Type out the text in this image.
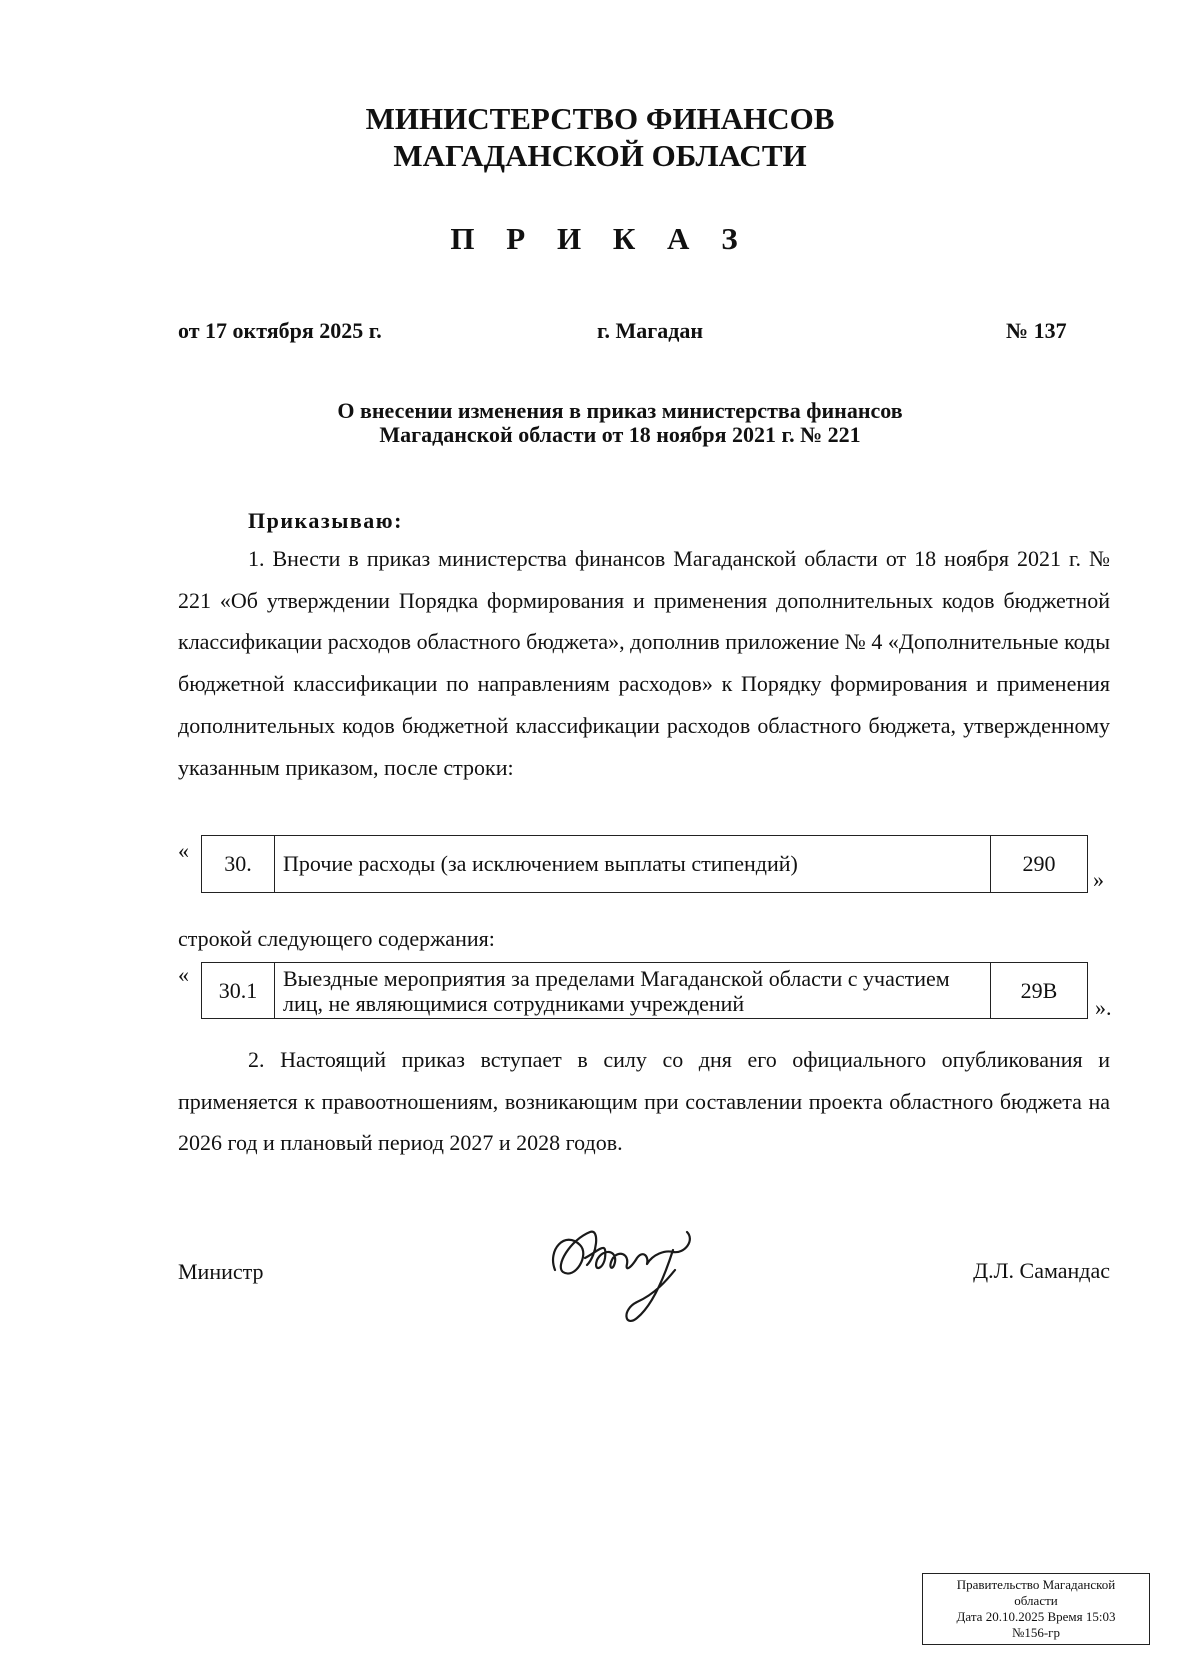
МИНИСТЕРСТВО ФИНАНСОВ
МАГАДАНСКОЙ ОБЛАСТИ
П Р И К А З
от 17 октября 2025 г.	г. Магадан	№ 137
О внесении изменения в приказ министерства финансов
Магаданской области от 18 ноября 2021 г. № 221
Приказываю:
1. Внести в приказ министерства финансов Магаданской области от 18 ноября 2021 г. № 221 «Об утверждении Порядка формирования и применения дополнительных кодов бюджетной классификации расходов областного бюджета», дополнив приложение № 4 «Дополнительные коды бюджетной классификации по направлениям расходов» к Порядку формирования и применения дополнительных кодов бюджетной классификации расходов областного бюджета, утвержденному указанным приказом, после строки:
«
30.	Прочие расходы (за исключением выплаты стипендий)	290
»
строкой следующего содержания:
«
30.1	Выездные мероприятия за пределами Магаданской области с участием лиц, не являющимися сотрудниками учреждений	29В
».
2. Настоящий приказ вступает в силу со дня его официального опубликования и применяется к правоотношениям, возникающим при составлении проекта областного бюджета на 2026 год и плановый период 2027 и 2028 годов.
Министр	Д.Л. Самандас
Правительство Магаданской
области
Дата 20.10.2025 Время 15:03
№156-гр
